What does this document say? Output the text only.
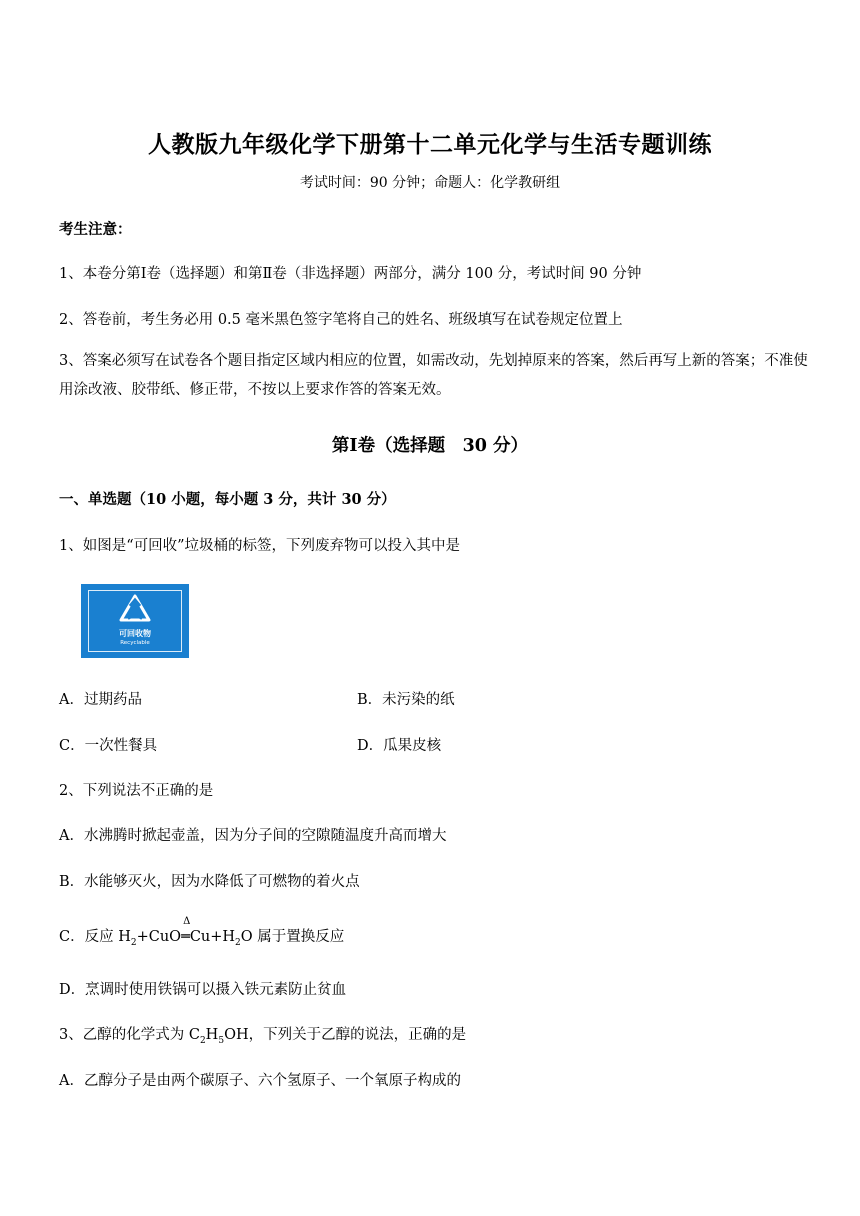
人教版九年级化学下册第十二单元化学与生活专题训练
考试时间：90 分钟；命题人：化学教研组
考生注意：
1、本卷分第Ⅰ卷（选择题）和第Ⅱ卷（非选择题）两部分，满分 100 分，考试时间 90 分钟
2、答卷前，考生务必用 0.5 毫米黑色签字笔将自己的姓名、班级填写在试卷规定位置上
3、答案必须写在试卷各个题目指定区域内相应的位置，如需改动，先划掉原来的答案，然后再写上新的答案；不准使用涂改液、胶带纸、修正带，不按以上要求作答的答案无效。
第Ⅰ卷（选择题　30 分）
一、单选题（10 小题，每小题 3 分，共计 30 分）
1、如图是“可回收”垃圾桶的标签，下列废弃物可以投入其中是
可回收物
Recyclable
A．过期药品	B．未污染的纸
C．一次性餐具	D．瓜果皮核
2、下列说法不正确的是
A．水沸腾时掀起壶盖，因为分子间的空隙随温度升高而增大
B．水能够灭火，因为水降低了可燃物的着火点
C．反应 $H_2+CuO$
Δ
$═Cu+H_2O$ 属于置换反应
D．烹调时使用铁锅可以摄入铁元素防止贫血
3、乙醇的化学式为 $C_2H_5OH$，下列关于乙醇的说法，正确的是
A．乙醇分子是由两个碳原子、六个氢原子、一个氧原子构成的
